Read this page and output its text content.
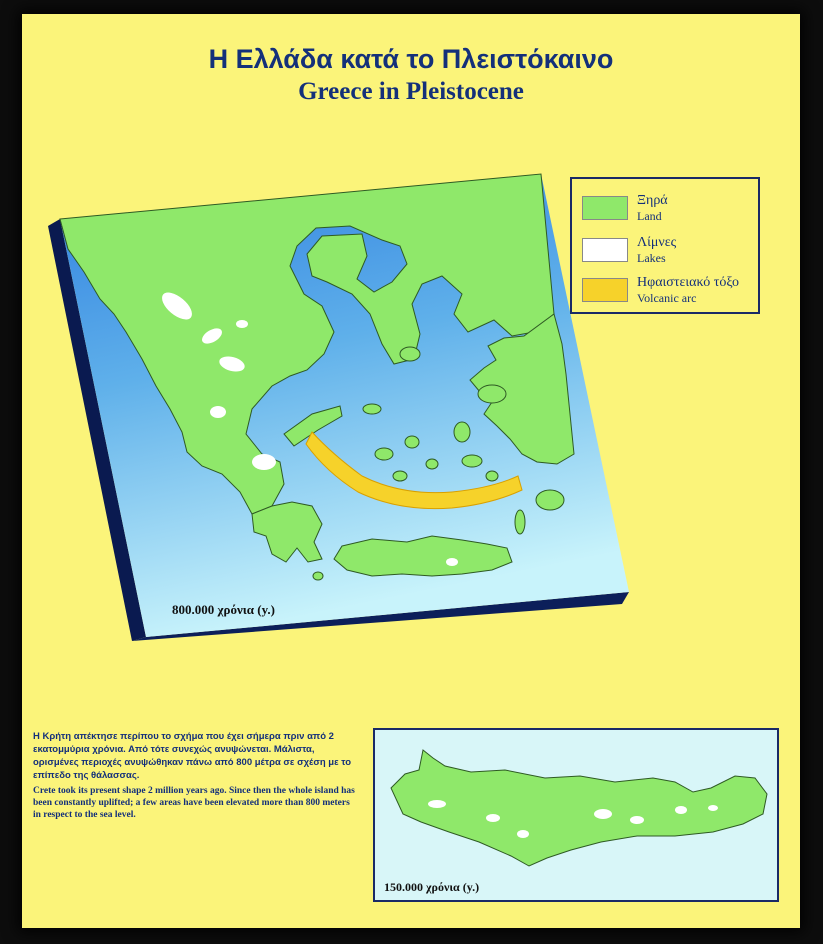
Η Ελλάδα κατά το Πλειστόκαινο
Greece in Pleistocene
Ξηρά
Land
Λίμνες
Lakes
Ηφαιστειακό τόξο
Volcanic arc
800.000 χρόνια (y.)
Η Κρήτη απέκτησε περίπου το σχήμα που έχει σήμερα πριν από 2 εκατομμύρια χρόνια. Από τότε συνεχώς ανυψώνεται. Μάλιστα, ορισμένες περιοχές ανυψώθηκαν πάνω από 800 μέτρα σε σχέση με το επίπεδο της θάλασσας.
Crete took its present shape 2 million years ago. Since then the whole island has been constantly uplifted; a few areas have been elevated more than 800 meters in respect to the sea level.
150.000 χρόνια (y.)
